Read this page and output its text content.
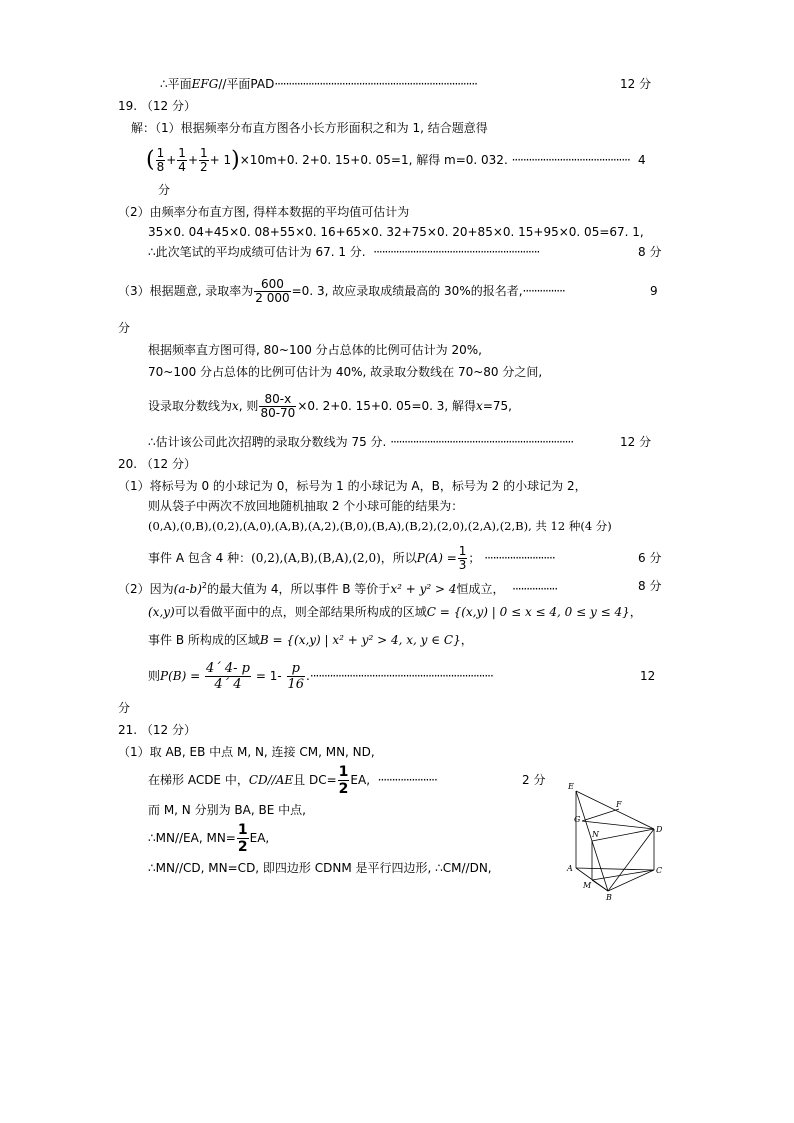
∴平面EFG//平面PAD········································································	12 分
19. （12 分）
解：（1）根据频率分布直方图各小长方形面积之和为 1, 结合题意得
( $\frac{1}{8} + \frac{1}{4} + \frac{1}{2} + 1)\times 10m+0$. 2+0. 15+0. 05=1, 解得 m=0. 032. ·········································· 4
分
（2）由频率分布直方图, 得样本数据的平均值可估计为
35×0. 04+45×0. 08+55×0. 16+65×0. 32+75×0. 20+85×0. 15+95×0. 05=67. 1,
∴此次笔试的平均成绩可估计为 67. 1 分. ···························································	8 分
（3）根据题意, 录取率为 $\frac{600}{2 000} =0$. 3, 故应录取成绩最高的 30%的报名者,···············	9
分
根据频率直方图可得, 80~100 分占总体的比例可估计为 20%,
70~100 分占总体的比例可估计为 40%, 故录取分数线在 70~80 分之间,
设录取分数线为x, 则 $\frac{80-x}{80-70} \times 0$. 2+0. 15+0. 05=0. 3, 解得x=75,
∴估计该公司此次招聘的录取分数线为 75 分. ·································································	12 分
20. （12 分）
（1）将标号为 0 的小球记为 0，标号为 1 的小球记为 A，B，标号为 2 的小球记为 2，
则从袋子中两次不放回地随机抽取 2 个小球可能的结果为：
(0,A),(0,B),(0,2),(A,0),(A,B),(A,2),(B,0),(B,A),(B,2),(2,0),(2,A),(2,B), 共 12 种(4 分)
事件 A 包含 4 种：(0,2),(A,B),(B,A),(2,0)，所以$P(A) = \frac{1}{3}$ ； ·························	6 分
（2）因为$(a-b)^2$的最大值为 4，所以事件 B 等价于x² + y² > 4恒成立， ················	8 分
(x,y)可以看做平面中的点，则全部结果所构成的区域C = {(x,y) | 0 ≤ x ≤ 4, 0 ≤ y ≤ 4}，
事件 B 所构成的区域B = {(x,y) | x² + y² > 4, x, y ∈ C}，
则$P(B) = \frac{4´ 4- p}{4´ 4} = 1- \frac{p}{16}$ .·································································	12
分
21. （12 分）
（1）取 AB, EB 中点 M, N, 连接 CM, MN, ND,
在梯形 ACDE 中，CD//AE且 $DC= \frac{1}{2}$ EA, ·····················	2 分
而 M, N 分别为 BA, BE 中点,
∴MN//EA, $MN= \frac{1}{2}$ EA,
∴MN//CD, MN=CD, 即四边形 CDNM 是平行四边形, ∴CM//DN,
E
F
G
N
D
A	C
M
B
